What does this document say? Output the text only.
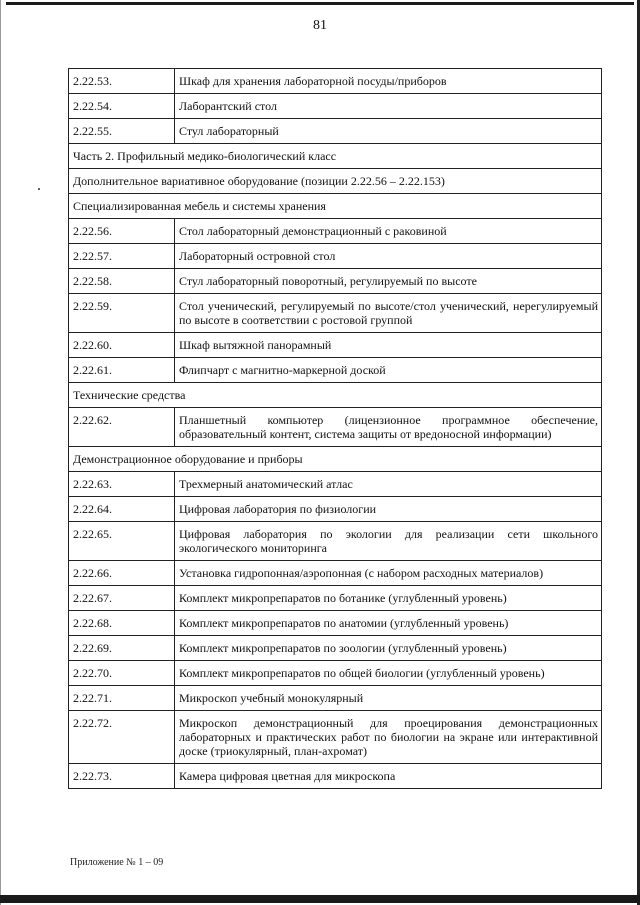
81
2.22.53.	Шкаф для хранения лабораторной посуды/приборов
2.22.54.	Лаборантский стол
2.22.55.	Стул лабораторный
Часть 2. Профильный медико-биологический класс	
Дополнительное вариативное оборудование (позиции 2.22.56 – 2.22.153)	
Специализированная мебель и системы хранения	
2.22.56.	Стол лабораторный демонстрационный с раковиной
2.22.57.	Лабораторный островной стол
2.22.58.	Стул лабораторный поворотный, регулируемый по высоте
2.22.59.	Стол ученический, регулируемый по высоте/стол ученический, нерегулируемый по высоте в соответствии с ростовой группой
2.22.60.	Шкаф вытяжной панорамный
2.22.61.	Флипчарт с магнитно-маркерной доской
Технические средства	
2.22.62.	Планшетный компьютер (лицензионное программное обеспечение, образовательный контент, система защиты от вредоносной информации)
Демонстрационное оборудование и приборы	
2.22.63.	Трехмерный анатомический атлас
2.22.64.	Цифровая лаборатория по физиологии
2.22.65.	Цифровая лаборатория по экологии для реализации сети школьного экологического мониторинга
2.22.66.	Установка гидропонная/аэропонная (с набором расходных материалов)
2.22.67.	Комплект микропрепаратов по ботанике (углубленный уровень)
2.22.68.	Комплект микропрепаратов по анатомии (углубленный уровень)
2.22.69.	Комплект микропрепаратов по зоологии (углубленный уровень)
2.22.70.	Комплект микропрепаратов по общей биологии (углубленный уровень)
2.22.71.	Микроскоп учебный монокулярный
2.22.72.	Микроскоп демонстрационный для проецирования демонстрационных лабораторных и практических работ по биологии на экране или интерактивной доске (триокулярный, план-ахромат)
2.22.73.	Камера цифровая цветная для микроскопа
Приложение № 1 – 09
